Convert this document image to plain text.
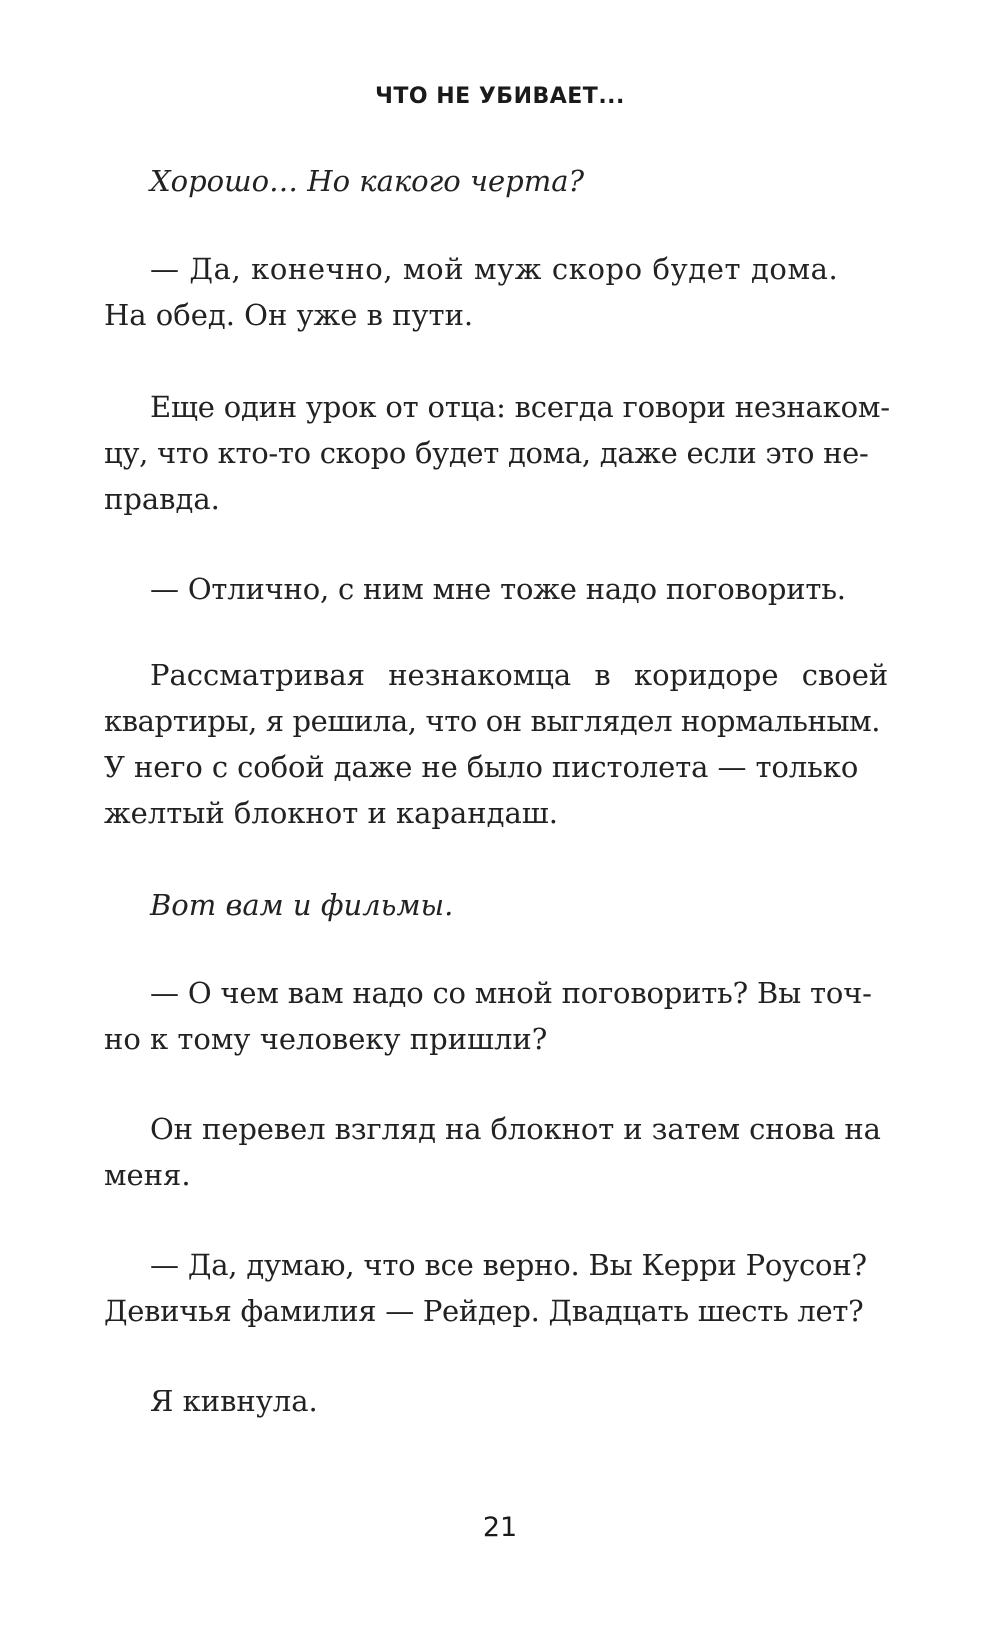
ЧТО НЕ УБИВАЕТ...
Хорошо… Но какого черта?
— Да, конечно, мой муж скоро будет дома.
На обед. Он уже в пути.
Еще один урок от отца: всегда говори незнаком-
цу, что кто-то скоро будет дома, даже если это не-
правда.
— Отлично, с ним мне тоже надо поговорить.
Рассматривая незнакомца в коридоре своей
квартиры, я решила, что он выглядел нормальным.
У него с собой даже не было пистолета — только
желтый блокнот и карандаш.
Вот вам и фильмы.
— О чем вам надо со мной поговорить? Вы точ-
но к тому человеку пришли?
Он перевел взгляд на блокнот и затем снова на
меня.
— Да, думаю, что все верно. Вы Керри Роусон?
Девичья фамилия — Рейдер. Двадцать шесть лет?
Я кивнула.
21
